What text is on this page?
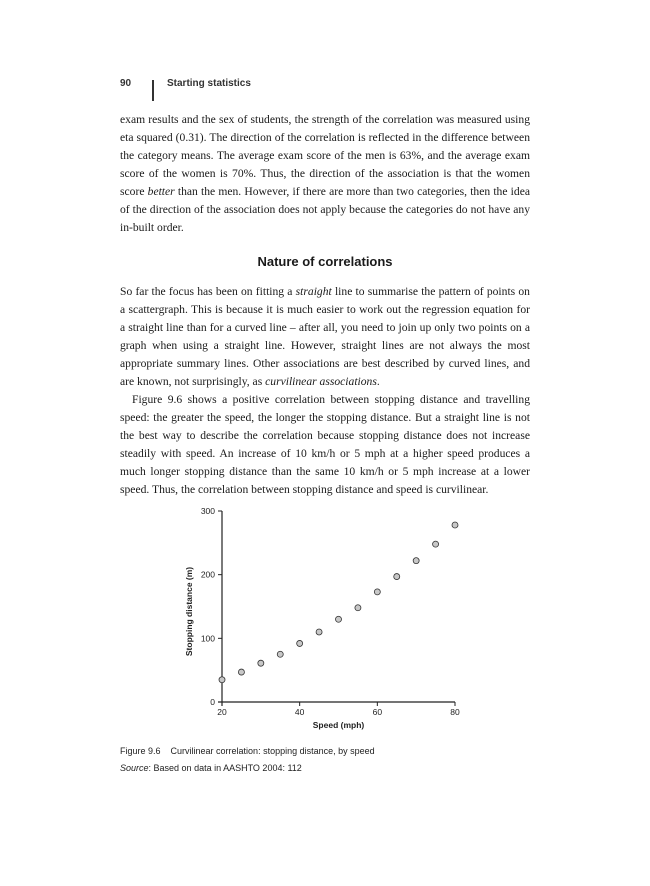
90	Starting statistics

exam results and the sex of students, the strength of the correlation was measured using eta squared (0.31). The direction of the correlation is reflected in the difference between the category means. The average exam score of the men is 63%, and the average exam score of the women is 70%. Thus, the direction of the association is that the women score better than the men. However, if there are more than two categories, then the idea of the direction of the association does not apply because the categories do not have any in-built order.

Nature of correlations

So far the focus has been on fitting a straight line to summarise the pattern of points on a scattergraph. This is because it is much easier to work out the regression equation for a straight line than for a curved line – after all, you need to join up only two points on a graph when using a straight line. However, straight lines are not always the most appropriate summary lines. Other associations are best described by curved lines, and are known, not surprisingly, as curvilinear associations.

Figure 9.6 shows a positive correlation between stopping distance and travelling speed: the greater the speed, the longer the stopping distance. But a straight line is not the best way to describe the correlation because stopping distance does not increase steadily with speed. An increase of 10 km/h or 5 mph at a higher speed produces a much longer stopping distance than the same 10 km/h or 5 mph increase at a lower speed. Thus, the correlation between stopping distance and speed is curvilinear.

0
100
200
300
20	40	60	80
Speed (mph)
Stopping distance (m)
Figure 9.6 Curvilinear correlation: stopping distance, by speed
Source: Based on data in AASHTO 2004: 112
